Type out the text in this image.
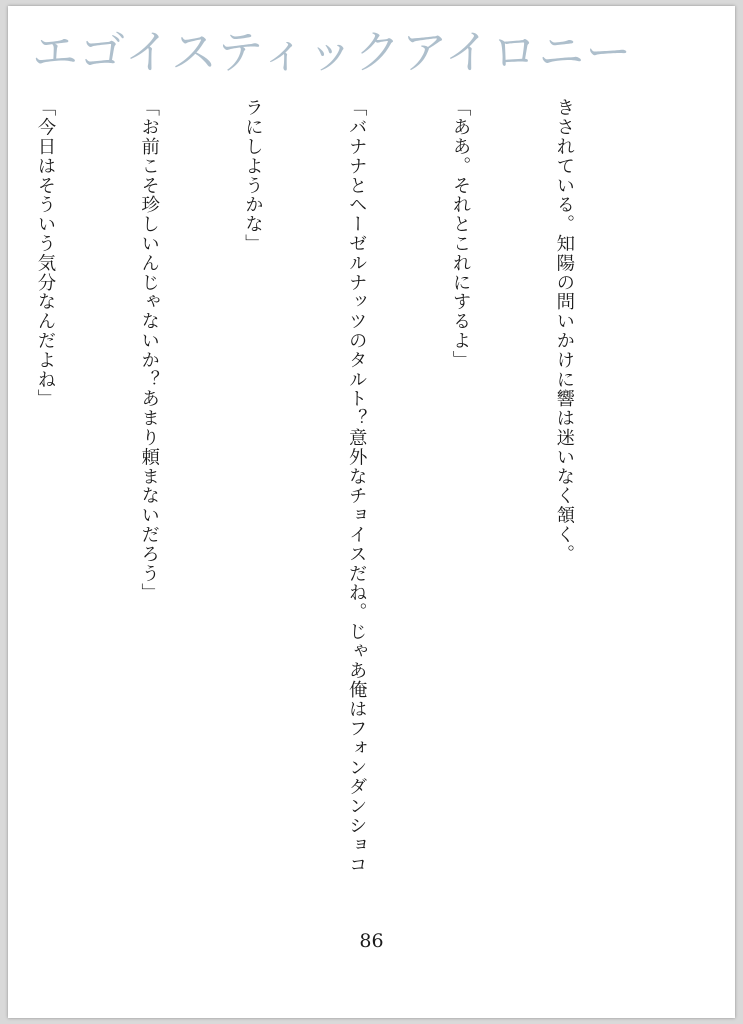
エゴイスティックアイロニー

きされている。知陽の問いかけに響は迷いなく頷く。

「ああ。それとこれにするよ」

「バナナとヘーゼルナッツのタルト？意外なチョイスだね。じゃあ俺はフォンダンショコ

ラにしようかな」

「お前こそ珍しいんじゃないか？あまり頼まないだろう」

「今日はそういう気分なんだよね」

86
